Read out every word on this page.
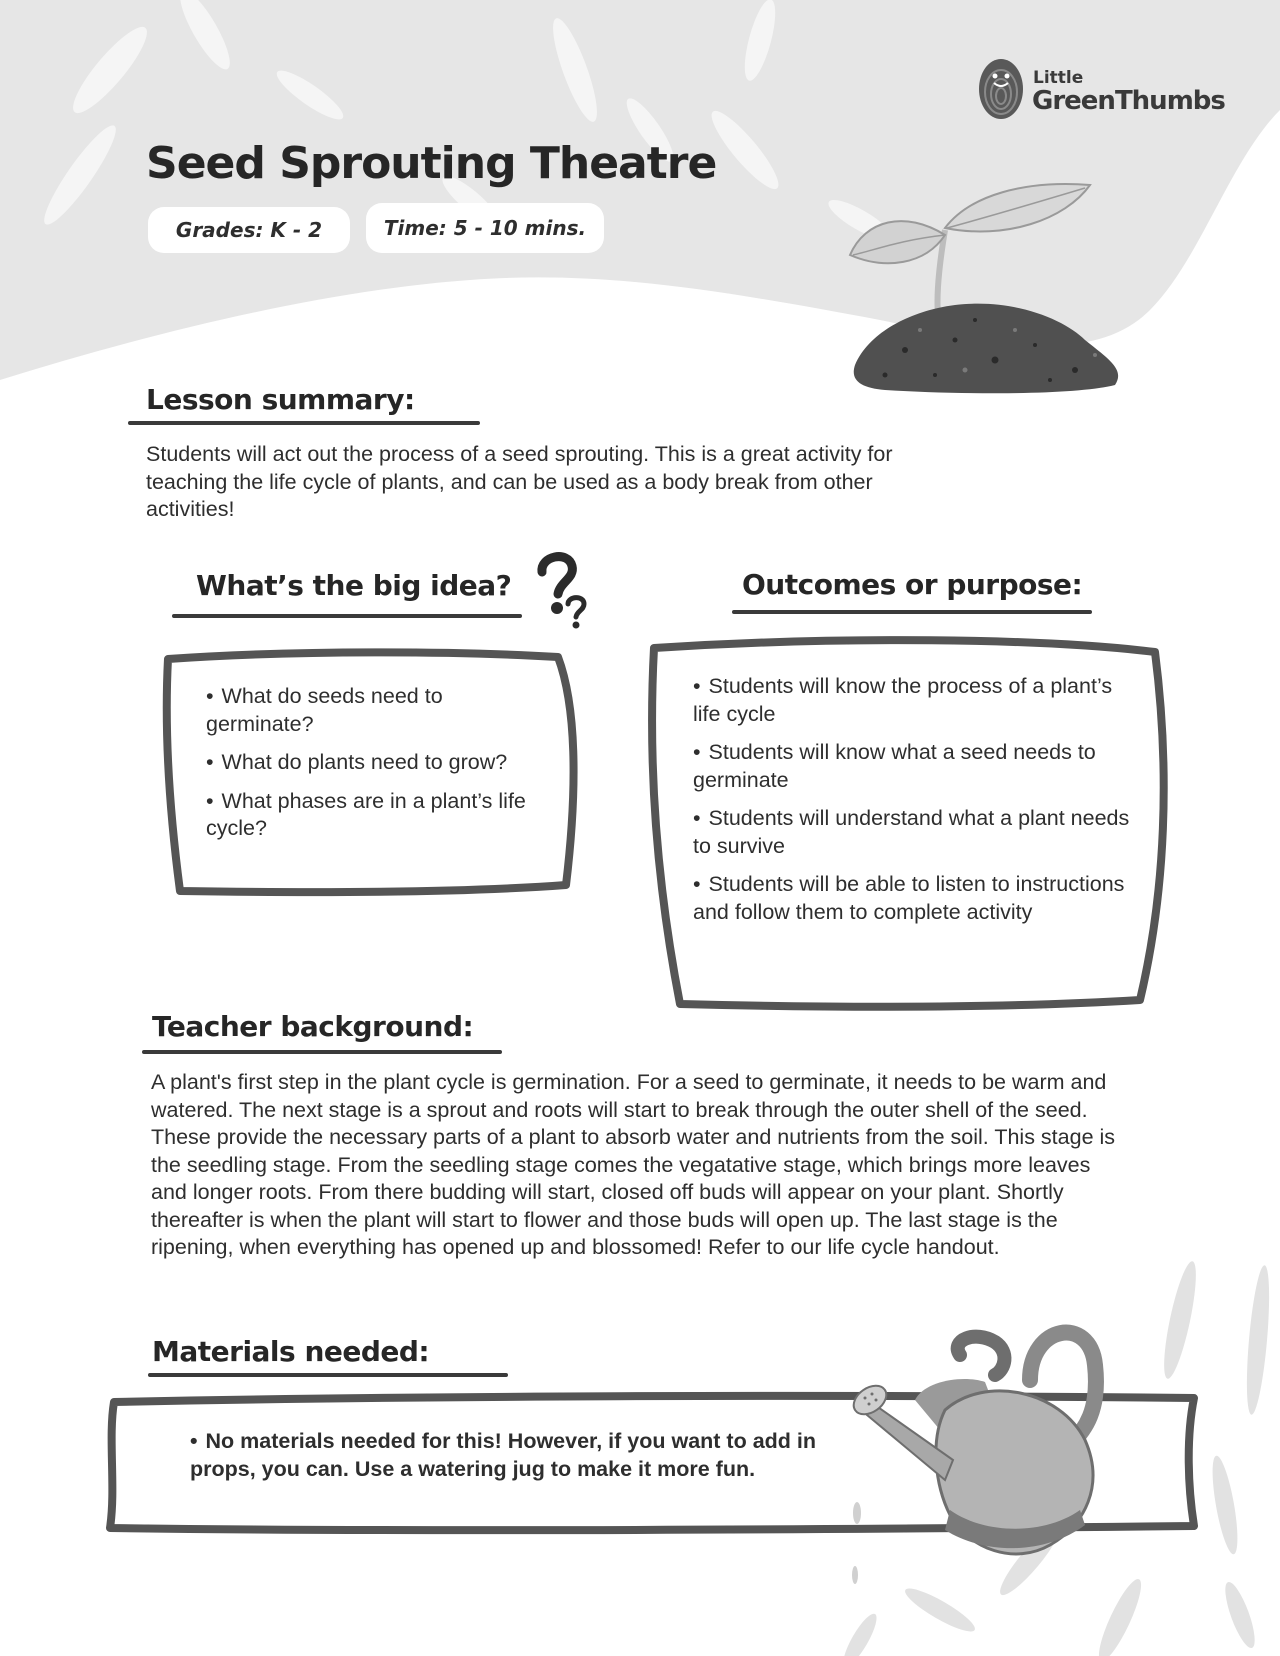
Little
GreenThumbs
Seed Sprouting Theatre
Grades: K - 2	Time: 5 - 10 mins.
Lesson summary:

Students will act out the process of a seed sprouting. This is a great activity for teaching the life cycle of plants, and can be used as a body break from other activities!

What’s the big idea?
• What do seeds need to germinate?
• What do plants need to grow?
• What phases are in a plant’s life cycle?
Outcomes or purpose:
• Students will know the process of a plant’s life cycle
• Students will know what a seed needs to germinate
• Students will understand what a plant needs to survive
• Students will be able to listen to instructions and follow them to complete activity
Teacher background:

A plant's first step in the plant cycle is germination. For a seed to germinate, it needs to be warm and watered. The next stage is a sprout and roots will start to break through the outer shell of the seed. These provide the necessary parts of a plant to absorb water and nutrients from the soil. This stage is the seedling stage. From the seedling stage comes the vegatative stage, which brings more leaves and longer roots. From there budding will start, closed off buds will appear on your plant. Shortly thereafter is when the plant will start to flower and those buds will open up. The last stage is the ripening, when everything has opened up and blossomed! Refer to our life cycle handout.

Materials needed:
• No materials needed for this! However, if you want to add in props, you can. Use a watering jug to make it more fun.
